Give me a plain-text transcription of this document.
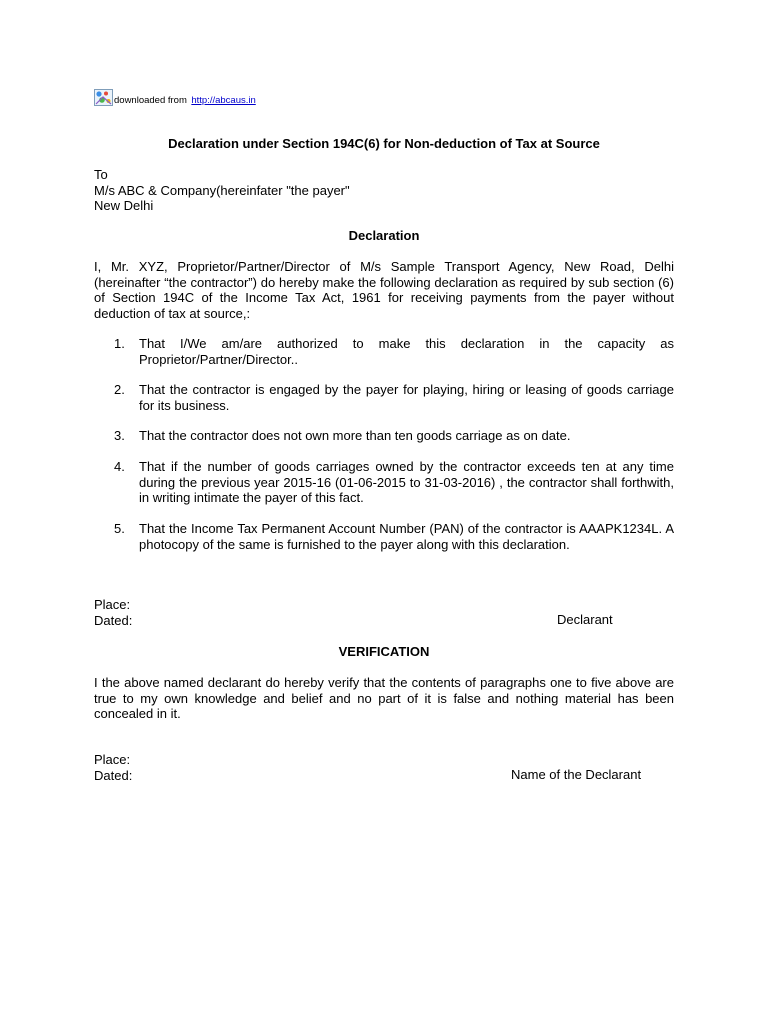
downloaded from
http://abcaus.in
Declaration under Section 194C(6) for Non-deduction of Tax at Source
To
M/s ABC & Company(hereinfater "the payer"
New Delhi
Declaration
I, Mr. XYZ, Proprietor/Partner/Director of M/s Sample Transport Agency, New Road, Delhi (hereinafter “the contractor”) do hereby make the following declaration as required by sub section (6) of Section 194C of the Income Tax Act, 1961 for receiving payments from the payer without deduction of tax at source,:
1.	That I/We am/are authorized to make this declaration in the capacity as Proprietor/Partner/Director..
2.	That the contractor is engaged by the payer for playing, hiring or leasing of goods carriage for its business.
3.	That the contractor does not own more than ten goods carriage as on date.
4.	That if the number of goods carriages owned by the contractor exceeds ten at any time during the previous year 2015-16 (01-06-2015 to 31-03-2016) , the contractor shall forthwith, in writing intimate the payer of this fact.
5.	That the Income Tax Permanent Account Number (PAN) of the contractor is AAAPK1234L. A photocopy of the same is furnished to the payer along with this declaration.
Place:
Dated:	Declarant
VERIFICATION
I the above named declarant do hereby verify that the contents of paragraphs one to five above are true to my own knowledge and belief and no part of it is false and nothing material has been concealed in it.
Place:
Dated:	Name of the Declarant
